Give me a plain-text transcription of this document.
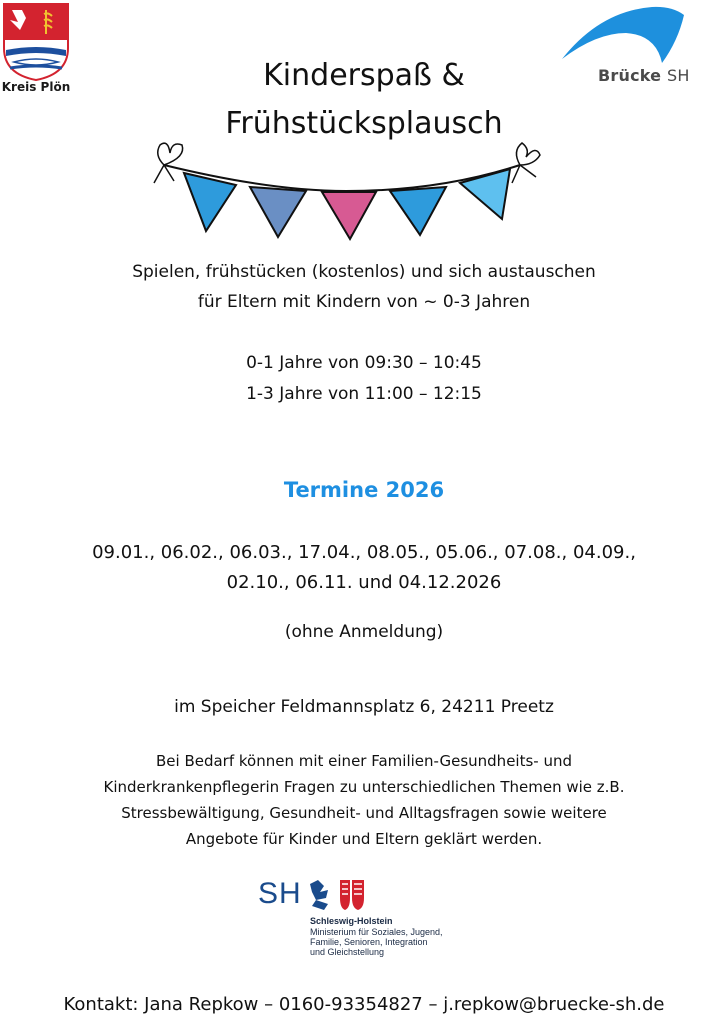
Kreis Plön
Brücke SH
Kinderspaß &
Frühstücksplausch
Spielen, frühstücken (kostenlos) und sich austauschen
für Eltern mit Kindern von ~ 0-3 Jahren
0-1 Jahre von 09:30 – 10:45
1-3 Jahre von 11:00 – 12:15
Termine 2026
09.01., 06.02., 06.03., 17.04., 08.05., 05.06., 07.08., 04.09.,
02.10., 06.11. und 04.12.2026
(ohne Anmeldung)
im Speicher Feldmannsplatz 6, 24211 Preetz
Bei Bedarf können mit einer Familien-Gesundheits- und
Kinderkrankenpflegerin Fragen zu unterschiedlichen Themen wie z.B.
Stressbewältigung, Gesundheit- und Alltagsfragen sowie weitere
Angebote für Kinder und Eltern geklärt werden.
SH
Schleswig-Holstein
Ministerium für Soziales, Jugend,
Familie, Senioren, Integration
und Gleichstellung
Kontakt: Jana Repkow – 0160-93354827 – j.repkow@bruecke-sh.de
